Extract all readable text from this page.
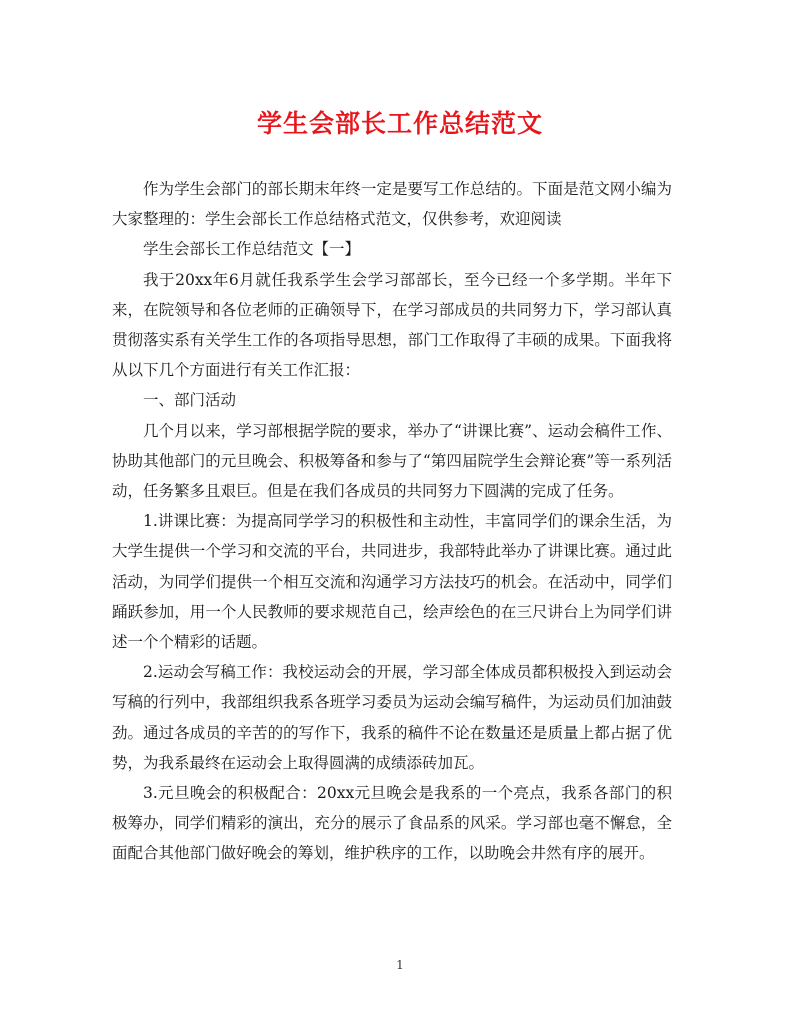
学生会部长工作总结范文

作为学生会部门的部长期末年终一定是要写工作总结的。下面是范文网小编为大家整理的：学生会部长工作总结格式范文，仅供参考，欢迎阅读

学生会部长工作总结范文【一】

我于20xx年6月就任我系学生会学习部部长，至今已经一个多学期。半年下来，在院领导和各位老师的正确领导下，在学习部成员的共同努力下，学习部认真贯彻落实系有关学生工作的各项指导思想，部门工作取得了丰硕的成果。下面我将从以下几个方面进行有关工作汇报：

一、部门活动

几个月以来，学习部根据学院的要求，举办了“讲课比赛”、运动会稿件工作、协助其他部门的元旦晚会、积极筹备和参与了“第四届院学生会辩论赛”等一系列活动，任务繁多且艰巨。但是在我们各成员的共同努力下圆满的完成了任务。

1.讲课比赛：为提高同学学习的积极性和主动性，丰富同学们的课余生活，为大学生提供一个学习和交流的平台，共同进步，我部特此举办了讲课比赛。通过此活动，为同学们提供一个相互交流和沟通学习方法技巧的机会。在活动中，同学们踊跃参加，用一个人民教师的要求规范自己，绘声绘色的在三尺讲台上为同学们讲述一个个精彩的话题。

2.运动会写稿工作：我校运动会的开展，学习部全体成员都积极投入到运动会写稿的行列中，我部组织我系各班学习委员为运动会编写稿件，为运动员们加油鼓劲。通过各成员的辛苦的的写作下，我系的稿件不论在数量还是质量上都占据了优势，为我系最终在运动会上取得圆满的成绩添砖加瓦。

3.元旦晚会的积极配合：20xx元旦晚会是我系的一个亮点，我系各部门的积极筹办，同学们精彩的演出，充分的展示了食品系的风采。学习部也毫不懈怠，全面配合其他部门做好晚会的筹划，维护秩序的工作，以助晚会井然有序的展开。

1
